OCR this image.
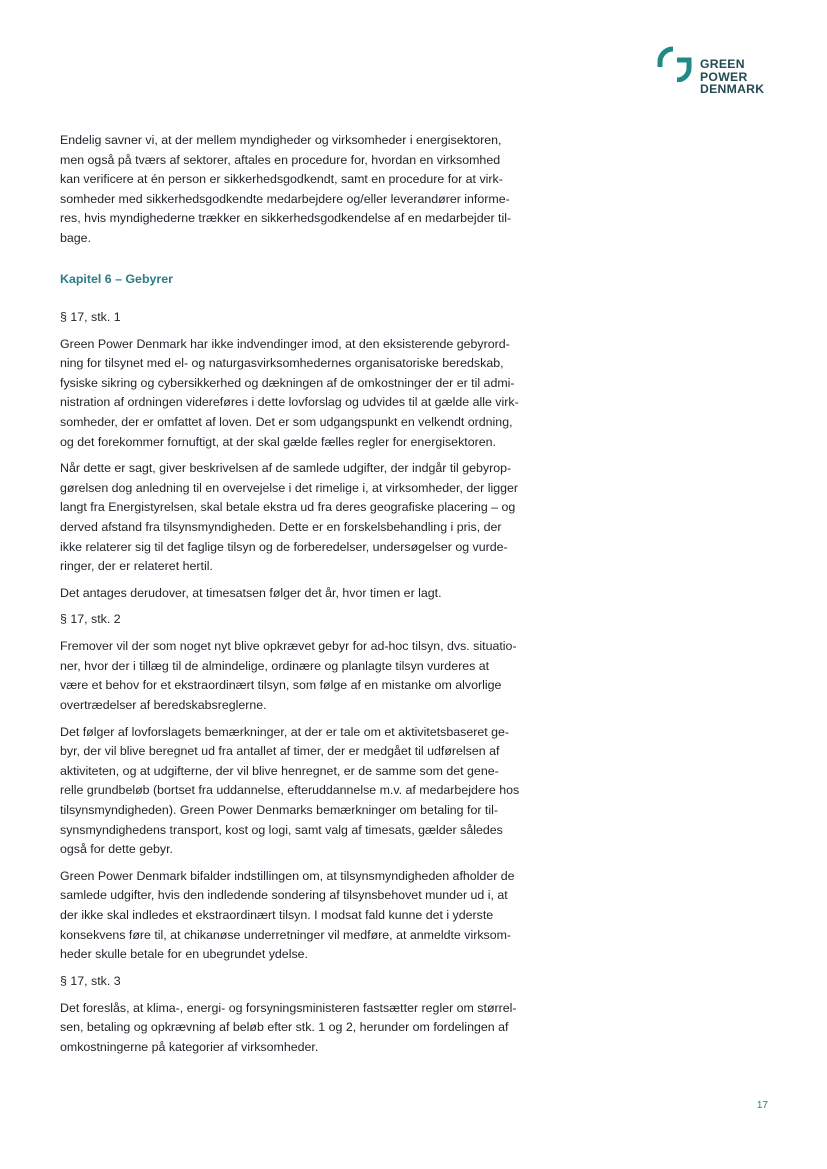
GREEN
POWER
DENMARK

Endelig savner vi, at der mellem myndigheder og virksomheder i energisektoren,
men også på tværs af sektorer, aftales en procedure for, hvordan en virksomhed
kan verificere at én person er sikkerhedsgodkendt, samt en procedure for at virk-
somheder med sikkerhedsgodkendte medarbejdere og/eller leverandører informe-
res, hvis myndighederne trækker en sikkerhedsgodkendelse af en medarbejder til-
bage.

Kapitel 6 – Gebyrer
§ 17, stk. 1

Green Power Denmark har ikke indvendinger imod, at den eksisterende gebyrord-
ning for tilsynet med el- og naturgasvirksomhedernes organisatoriske beredskab,
fysiske sikring og cybersikkerhed og dækningen af de omkostninger der er til admi-
nistration af ordningen videreføres i dette lovforslag og udvides til at gælde alle virk-
somheder, der er omfattet af loven. Det er som udgangspunkt en velkendt ordning,
og det forekommer fornuftigt, at der skal gælde fælles regler for energisektoren.

Når dette er sagt, giver beskrivelsen af de samlede udgifter, der indgår til gebyrop-
gørelsen dog anledning til en overvejelse i det rimelige i, at virksomheder, der ligger
langt fra Energistyrelsen, skal betale ekstra ud fra deres geografiske placering – og
derved afstand fra tilsynsmyndigheden. Dette er en forskelsbehandling i pris, der
ikke relaterer sig til det faglige tilsyn og de forberedelser, undersøgelser og vurde-
ringer, der er relateret hertil.

Det antages derudover, at timesatsen følger det år, hvor timen er lagt.

§ 17, stk. 2

Fremover vil der som noget nyt blive opkrævet gebyr for ad-hoc tilsyn, dvs. situatio-
ner, hvor der i tillæg til de almindelige, ordinære og planlagte tilsyn vurderes at
være et behov for et ekstraordinært tilsyn, som følge af en mistanke om alvorlige
overtrædelser af beredskabsreglerne.

Det følger af lovforslagets bemærkninger, at der er tale om et aktivitetsbaseret ge-
byr, der vil blive beregnet ud fra antallet af timer, der er medgået til udførelsen af
aktiviteten, og at udgifterne, der vil blive henregnet, er de samme som det gene-
relle grundbeløb (bortset fra uddannelse, efteruddannelse m.v. af medarbejdere hos
tilsynsmyndigheden). Green Power Denmarks bemærkninger om betaling for til-
synsmyndighedens transport, kost og logi, samt valg af timesats, gælder således
også for dette gebyr.

Green Power Denmark bifalder indstillingen om, at tilsynsmyndigheden afholder de
samlede udgifter, hvis den indledende sondering af tilsynsbehovet munder ud i, at
der ikke skal indledes et ekstraordinært tilsyn. I modsat fald kunne det i yderste
konsekvens føre til, at chikanøse underretninger vil medføre, at anmeldte virksom-
heder skulle betale for en ubegrundet ydelse.

§ 17, stk. 3

Det foreslås, at klima-, energi- og forsyningsministeren fastsætter regler om størrel-
sen, betaling og opkrævning af beløb efter stk. 1 og 2, herunder om fordelingen af
omkostningerne på kategorier af virksomheder.

17
